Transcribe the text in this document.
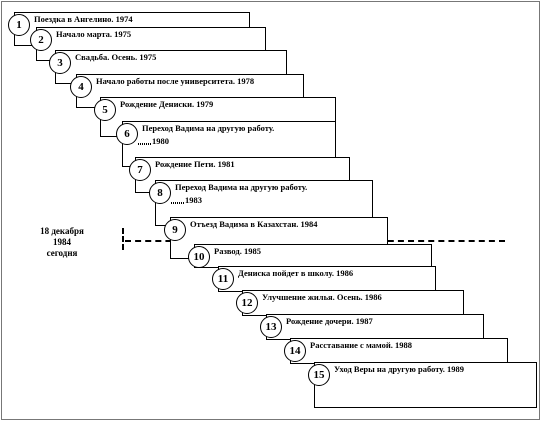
1	Поездка в Ангелино. 1974
2	Начало марта. 1975
3	Свадьба. Осень. 1975
4	Начало работы после университета. 1978
5	Рождение Дениски. 1979
6	Переход Вадима на другую работу.
1980
7	Рождение Пети. 1981
8	Переход Вадима на другую работу.
1983
9	Отъезд Вадима в Казахстан. 1984
10	Развод. 1985
11	Дениска пойдет в школу. 1986
12	Улучшение жилья. Осень. 1986
13	Рождение дочери. 1987
14	Расставание с мамой. 1988
15	Уход Веры на другую работу. 1989
18 декабря
1984
сегодня
